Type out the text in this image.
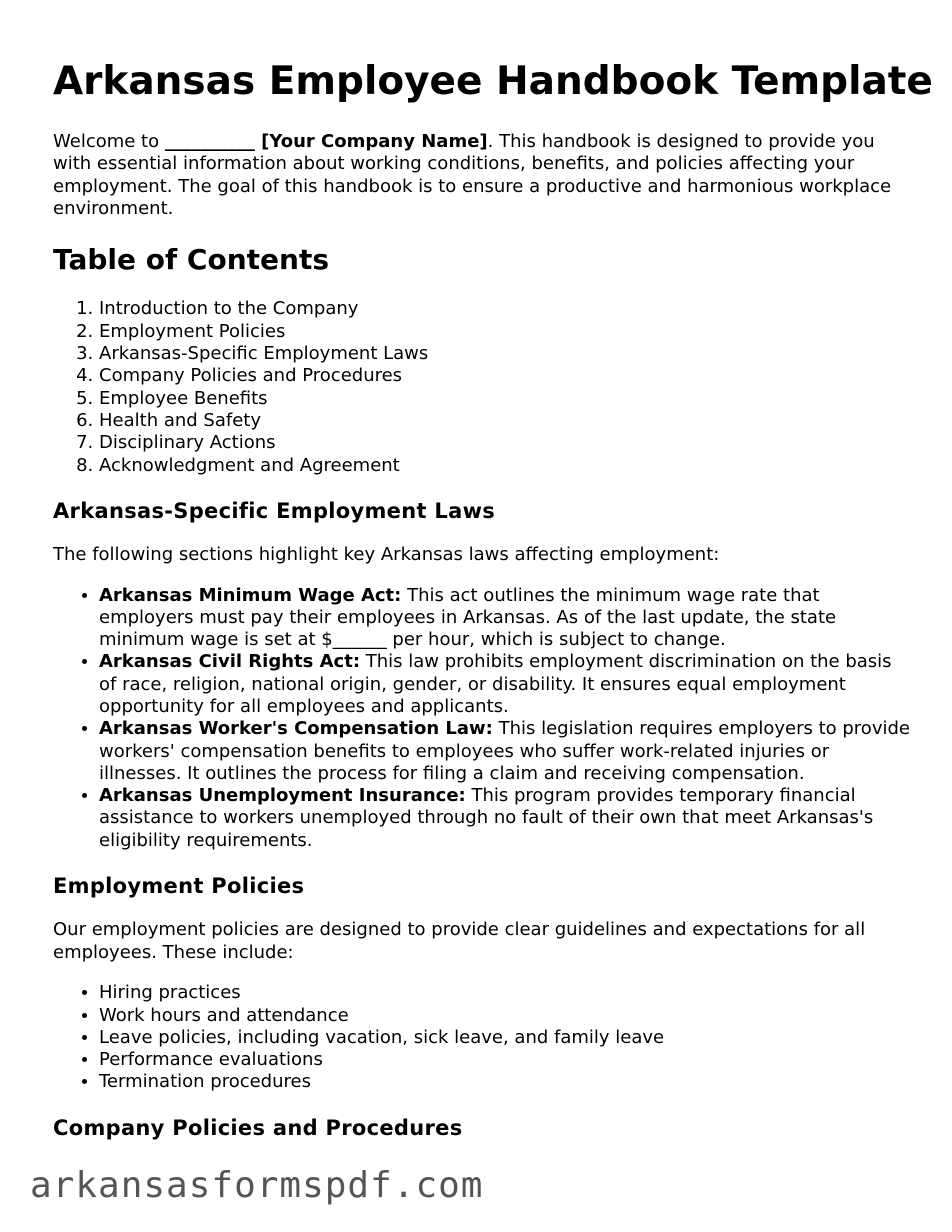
Arkansas Employee Handbook Template

Welcome to __________ [Your Company Name]. This handbook is designed to provide you with essential information about working conditions, benefits, and policies affecting your employment. The goal of this handbook is to ensure a productive and harmonious workplace environment.

Table of Contents
1. Introduction to the Company
2. Employment Policies
3. Arkansas-Specific Employment Laws
4. Company Policies and Procedures
5. Employee Benefits
6. Health and Safety
7. Disciplinary Actions
8. Acknowledgment and Agreement
Arkansas-Specific Employment Laws

The following sections highlight key Arkansas laws affecting employment:

• Arkansas Minimum Wage Act: This act outlines the minimum wage rate that employers must pay their employees in Arkansas. As of the last update, the state minimum wage is set at $______ per hour, which is subject to change.
• Arkansas Civil Rights Act: This law prohibits employment discrimination on the basis of race, religion, national origin, gender, or disability. It ensures equal employment opportunity for all employees and applicants.
• Arkansas Worker's Compensation Law: This legislation requires employers to provide workers' compensation benefits to employees who suffer work-related injuries or illnesses. It outlines the process for filing a claim and receiving compensation.
• Arkansas Unemployment Insurance: This program provides temporary financial assistance to workers unemployed through no fault of their own that meet Arkansas's eligibility requirements.
Employment Policies

Our employment policies are designed to provide clear guidelines and expectations for all employees. These include:

• Hiring practices
• Work hours and attendance
• Leave policies, including vacation, sick leave, and family leave
• Performance evaluations
• Termination procedures
Company Policies and Procedures
arkansasformspdf.com
